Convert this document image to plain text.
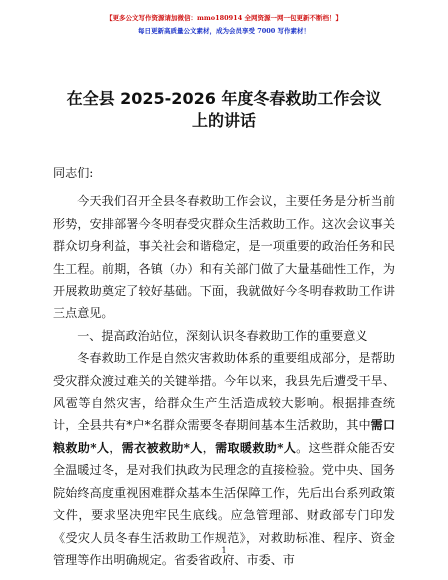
【更多公文写作资源请加微信：mmo180914 全网资源一网一包更新不断档！】
每日更新高质量公文素材，成为会员享受 7000 写作素材！
在全县 2025-2026 年度冬春救助工作会议上的讲话

同志们:

今天我们召开全县冬春救助工作会议，主要任务是分析当前形势，安排部署今冬明春受灾群众生活救助工作。这次会议事关群众切身利益，事关社会和谐稳定，是一项重要的政治任务和民生工程。前期，各镇（办）和有关部门做了大量基础性工作，为开展救助奠定了较好基础。下面，我就做好今冬明春救助工作讲三点意见。

一、提高政治站位，深刻认识冬春救助工作的重要意义

冬春救助工作是自然灾害救助体系的重要组成部分，是帮助受灾群众渡过难关的关键举措。今年以来，我县先后遭受干旱、风雹等自然灾害，给群众生产生活造成较大影响。根据排查统计，全县共有*户*名群众需要冬春期间基本生活救助，其中需口粮救助*人，需衣被救助*人，需取暖救助*人。这些群众能否安全温暖过冬，是对我们执政为民理念的直接检验。党中央、国务院始终高度重视困难群众基本生活保障工作，先后出台系列政策文件，要求坚决兜牢民生底线。应急管理部、财政部专门印发《受灾人员冬春生活救助工作规范》，对救助标准、程序、资金管理等作出明确规定。省委省政府、市委、市

1
